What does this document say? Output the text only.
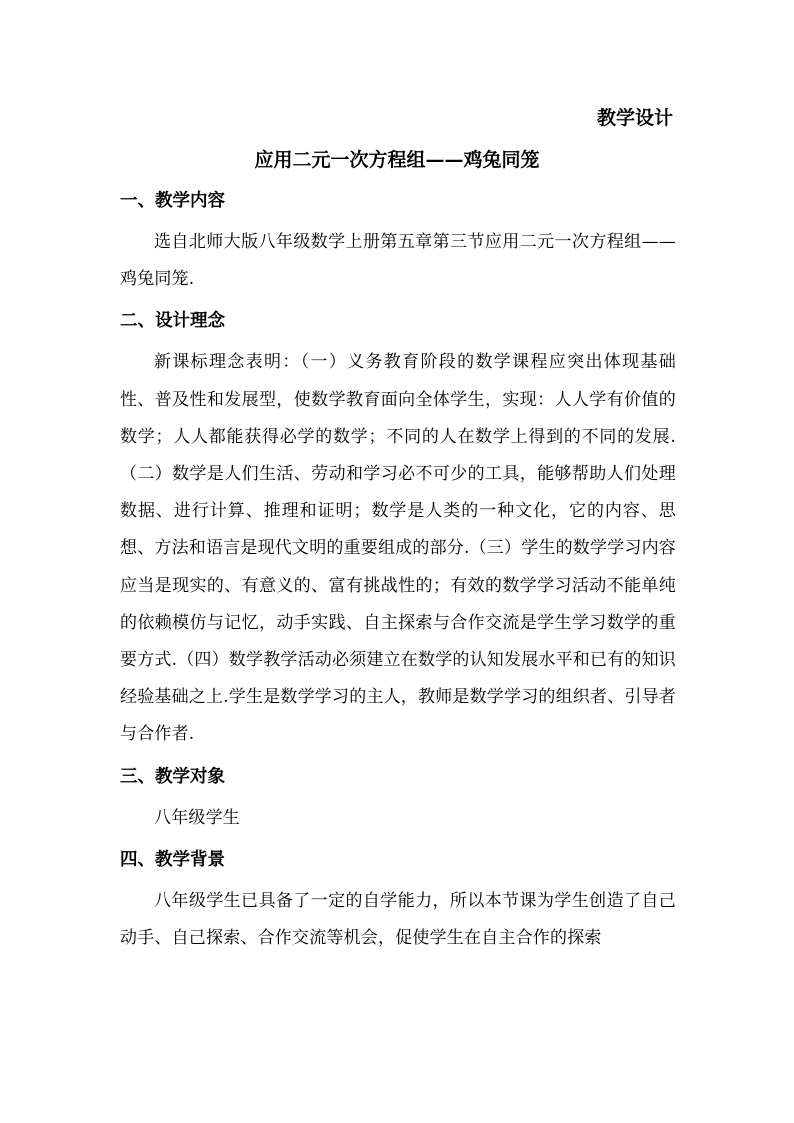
教学设计
应用二元一次方程组——鸡兔同笼

一、教学内容

选自北师大版八年级数学上册第五章第三节应用二元一次方程组——鸡兔同笼.

二、设计理念

新课标理念表明：（一）义务教育阶段的数学课程应突出体现基础性、普及性和发展型，使数学教育面向全体学生，实现：人人学有价值的数学；人人都能获得必学的数学；不同的人在数学上得到的不同的发展.（二）数学是人们生活、劳动和学习必不可少的工具，能够帮助人们处理数据、进行计算、推理和证明；数学是人类的一种文化，它的内容、思想、方法和语言是现代文明的重要组成的部分.（三）学生的数学学习内容应当是现实的、有意义的、富有挑战性的；有效的数学学习活动不能单纯的依赖模仿与记忆，动手实践、自主探索与合作交流是学生学习数学的重要方式.（四）数学教学活动必须建立在数学的认知发展水平和已有的知识经验基础之上.学生是数学学习的主人，教师是数学学习的组织者、引导者与合作者.

三、教学对象

八年级学生

四、教学背景

八年级学生已具备了一定的自学能力，所以本节课为学生创造了自己动手、自己探索、合作交流等机会，促使学生在自主合作的探索
